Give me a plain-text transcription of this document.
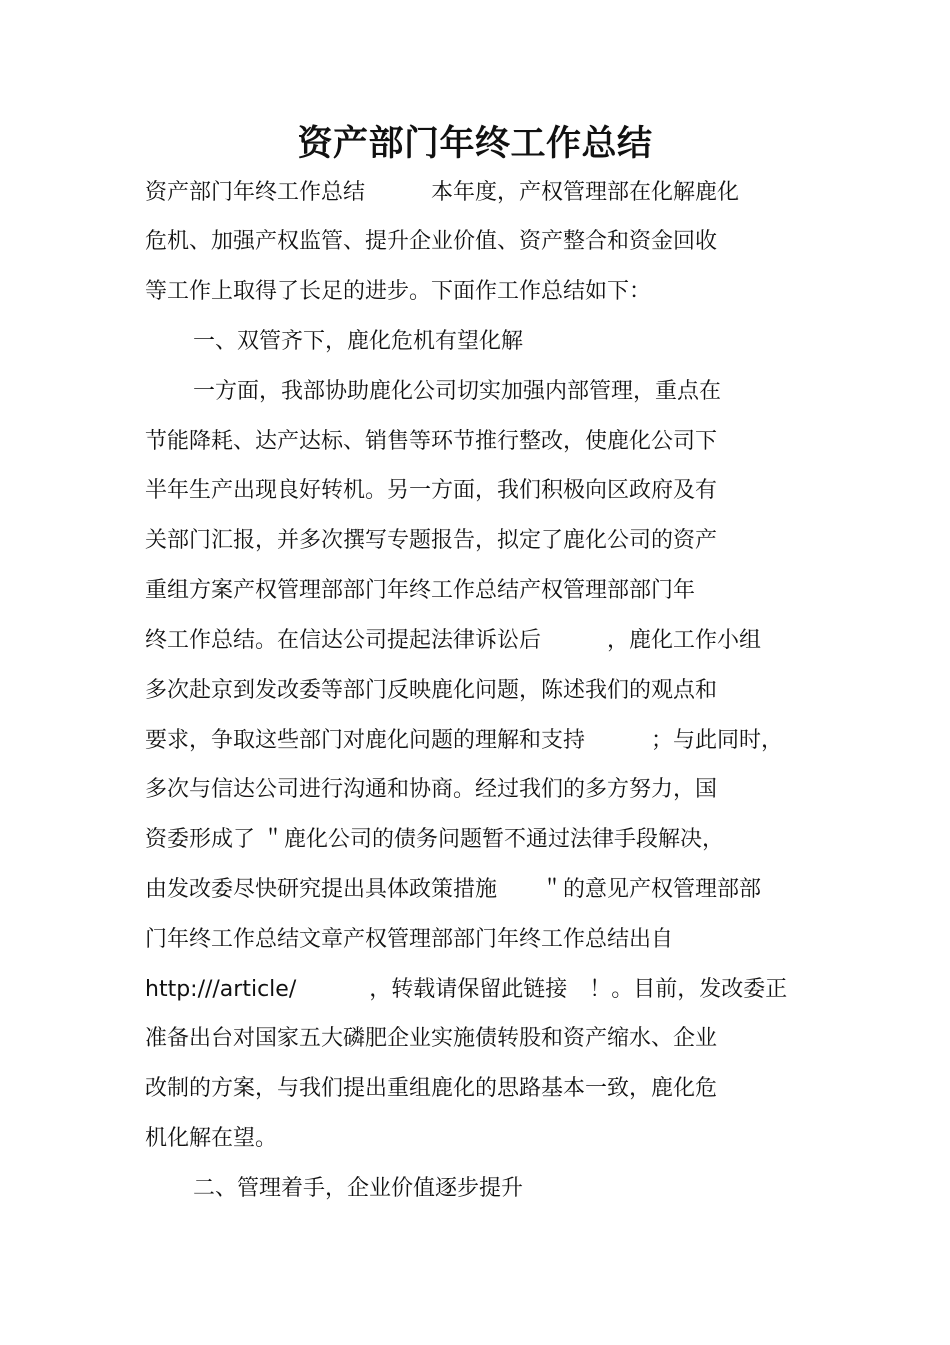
资产部门年终工作总结
资产部门年终工作总结　　　本年度，产权管理部在化解鹿化
危机、加强产权监管、提升企业价值、资产整合和资金回收
等工作上取得了长足的进步。下面作工作总结如下：
一、双管齐下，鹿化危机有望化解
一方面，我部协助鹿化公司切实加强内部管理，重点在
节能降耗、达产达标、销售等环节推行整改，使鹿化公司下
半年生产出现良好转机。另一方面，我们积极向区政府及有
关部门汇报，并多次撰写专题报告，拟定了鹿化公司的资产
重组方案产权管理部部门年终工作总结产权管理部部门年
终工作总结。在信达公司提起法律诉讼后　　　，鹿化工作小组
多次赴京到发改委等部门反映鹿化问题，陈述我们的观点和
要求，争取这些部门对鹿化问题的理解和支持　　　；与此同时，
多次与信达公司进行沟通和协商。经过我们的多方努力，国
资委形成了 ＂鹿化公司的债务问题暂不通过法律手段解决，
由发改委尽快研究提出具体政策措施　　＂的意见产权管理部部
门年终工作总结文章产权管理部部门年终工作总结出自
http:///article/　　　 ，转载请保留此链接　！。目前，发改委正
准备出台对国家五大磷肥企业实施债转股和资产缩水、企业
改制的方案，与我们提出重组鹿化的思路基本一致，鹿化危
机化解在望。
二、管理着手，企业价值逐步提升
